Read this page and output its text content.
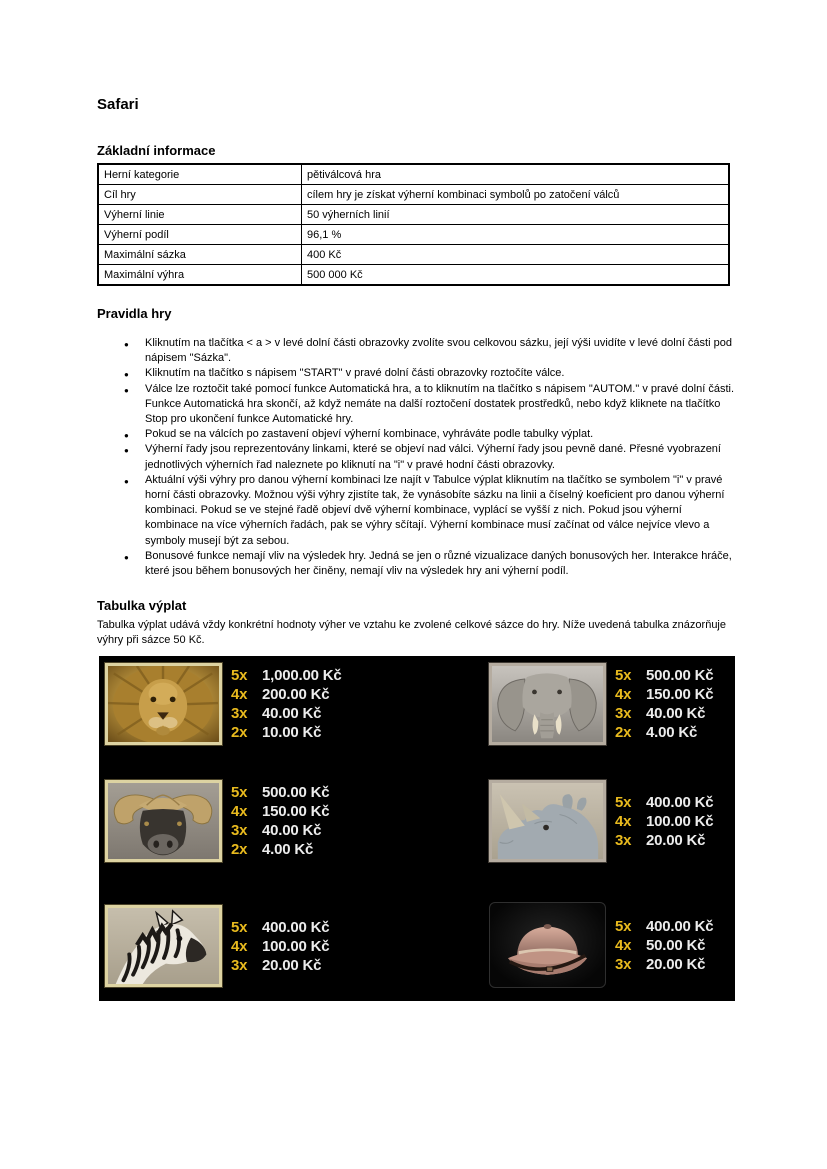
Safari
Základní informace
Herní kategorie	pětiválcová hra
Cíl hry	cílem hry je získat výherní kombinaci symbolů po zatočení válců
Výherní linie	50 výherních linií
Výherní podíl	96,1 %
Maximální sázka	400 Kč
Maximální výhra	500 000 Kč
Pravidla hry
● Kliknutím na tlačítka < a > v levé dolní části obrazovky zvolíte svou celkovou sázku, její výši uvidíte v levé dolní části pod nápisem "Sázka".
● Kliknutím na tlačítko s nápisem "START" v pravé dolní části obrazovky roztočíte válce.
● Válce lze roztočit také pomocí funkce Automatická hra, a to kliknutím na tlačítko s nápisem "AUTOM." v pravé dolní části. Funkce Automatická hra skončí, až když nemáte na další roztočení dostatek prostředků, nebo když kliknete na tlačítko Stop pro ukončení funkce Automatické hry.
● Pokud se na válcích po zastavení objeví výherní kombinace, vyhráváte podle tabulky výplat.
● Výherní řady jsou reprezentovány linkami, které se objeví nad válci. Výherní řady jsou pevně dané. Přesné vyobrazení jednotlivých výherních řad naleznete po kliknutí na "i" v pravé hodní části obrazovky.
● Aktuální výši výhry pro danou výherní kombinaci lze najít v Tabulce výplat kliknutím na tlačítko se symbolem "i" v pravé horní části obrazovky. Možnou výši výhry zjistíte tak, že vynásobíte sázku na linii a číselný koeficient pro danou výherní kombinaci. Pokud se ve stejné řadě objeví dvě výherní kombinace, vyplácí se vyšší z nich. Pokud jsou výherní kombinace na více výherních řadách, pak se výhry sčítají. Výherní kombinace musí začínat od válce nejvíce vlevo a symboly musejí být za sebou.
● Bonusové funkce nemají vliv na výsledek hry. Jedná se jen o různé vizualizace daných bonusových her. Interakce hráče, které jsou během bonusových her činěny, nemají vliv na výsledek hry ani výherní podíl.
Tabulka výplat
Tabulka výplat udává vždy konkrétní hodnoty výher ve vztahu ke zvolené celkové sázce do hry. Níže uvedená tabulka znázorňuje výhry při sázce 50 Kč.
5x 1,000.00 Kč
4x 200.00 Kč
3x 40.00 Kč
2x 10.00 Kč
5x 500.00 Kč
4x 150.00 Kč
3x 40.00 Kč
2x 4.00 Kč
5x 500.00 Kč
4x 150.00 Kč
3x 40.00 Kč
2x 4.00 Kč
5x 400.00 Kč
4x 100.00 Kč
3x 20.00 Kč
5x 400.00 Kč
4x 100.00 Kč
3x 20.00 Kč
5x 400.00 Kč
4x 50.00 Kč
3x 20.00 Kč
